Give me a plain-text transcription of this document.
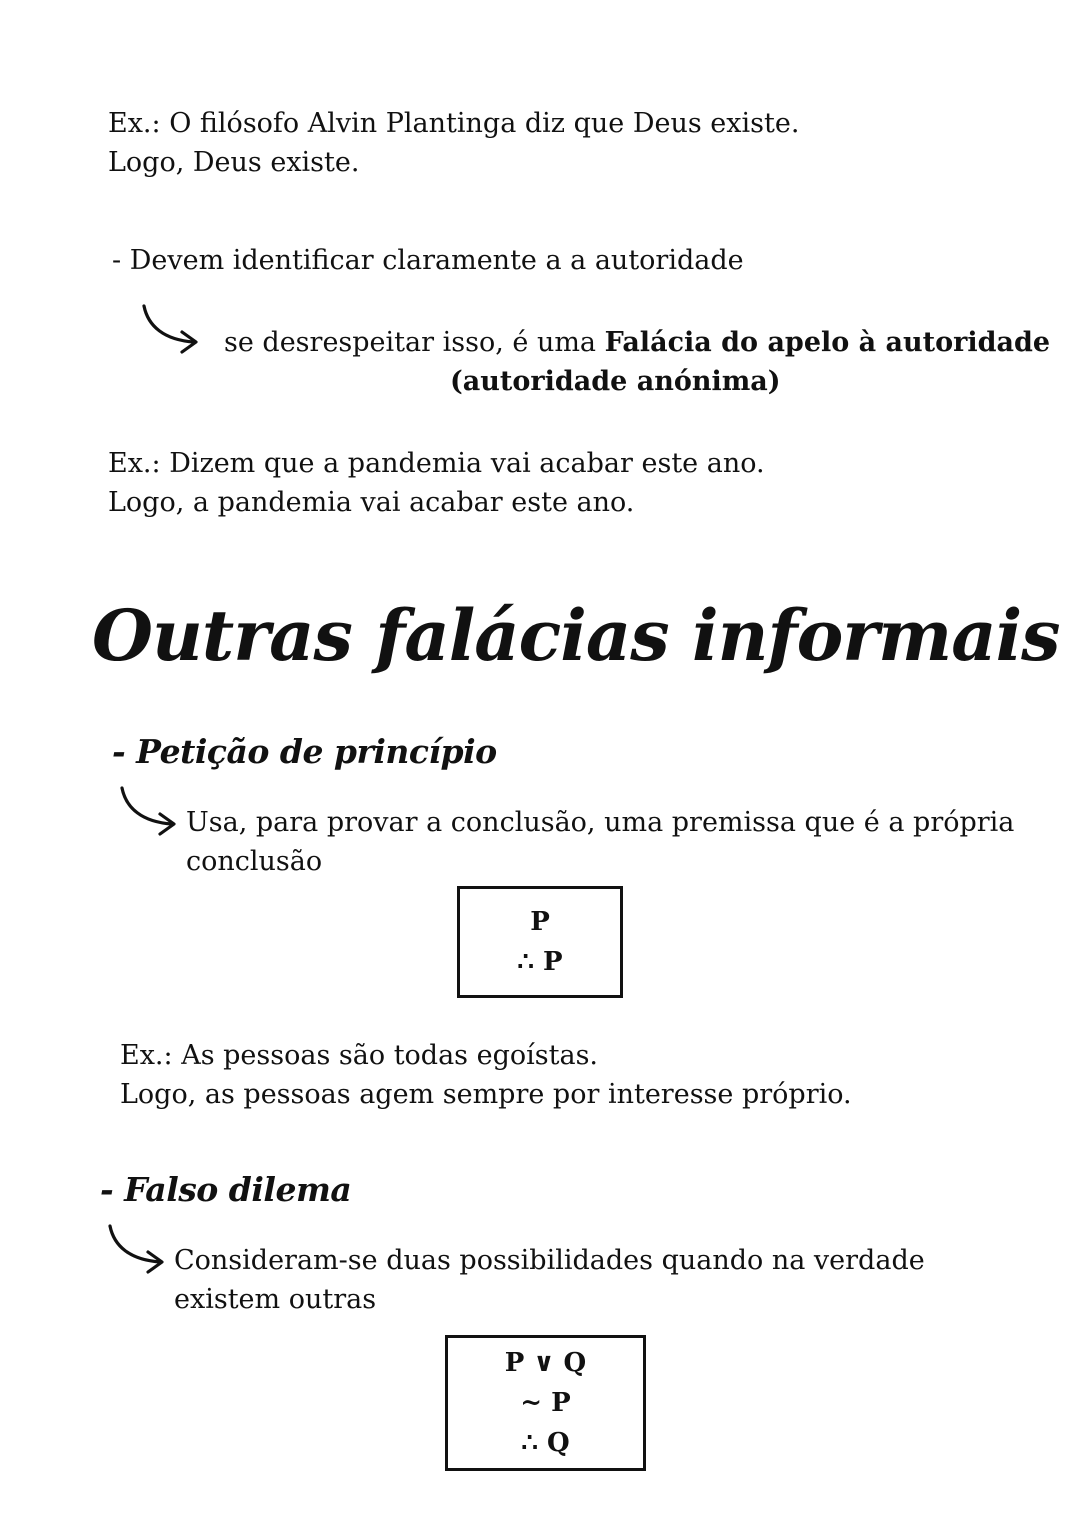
Ex.: O filósofo Alvin Plantinga diz que Deus existe.
Logo, Deus existe.
- Devem identificar claramente a a autoridade
se desrespeitar isso, é uma Falácia do apelo à autoridade
(autoridade anónima)
Ex.: Dizem que a pandemia vai acabar este ano.
Logo, a pandemia vai acabar este ano.
Outras falácias informais
- Petição de princípio
Usa, para provar a conclusão, uma premissa que é a própria
conclusão
P
∴ P
Ex.: As pessoas são todas egoístas.
Logo, as pessoas agem sempre por interesse próprio.
- Falso dilema
Consideram-se duas possibilidades quando na verdade
existem outras
P ∨ Q
~ P
∴ Q
